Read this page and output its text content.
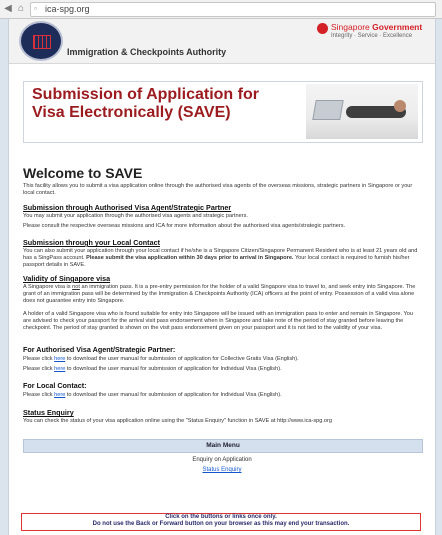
◀ ⌂	▫ ica-spg.org
Immigration & Checkpoints Authority
Singapore Government
Integrity · Service · Excellence
Submission of Application for Visa Electronically (SAVE)
Welcome to SAVE
This facility allows you to submit a visa application online through the authorised visa agents of the overseas missions, strategic partners in Singapore or your local contact.
Submission through Authorised Visa Agent/Strategic Partner
You may submit your application through the authorised visa agents and strategic partners.
Please consult the respective overseas missions and ICA for more information about the authorised visa agents/strategic partners.
Submission through your Local Contact
You can also submit your application through your local contact if he/she is a Singapore Citizen/Singapore Permanent Resident who is at least 21 years old and has a SingPass account. Please submit the visa application within 30 days prior to arrival in Singapore. Your local contact is required to furnish his/her passport details in SAVE.
Validity of Singapore visa
A Singapore visa is not an immigration pass. It is a pre-entry permission for the holder of a valid Singapore visa to travel to, and seek entry into Singapore. The grant of an immigration pass will be determined by the Immigration & Checkpoints Authority (ICA) officers at the point of entry. Possession of a valid visa alone does not guarantee entry into Singapore.
A holder of a valid Singapore visa who is found suitable for entry into Singapore will be issued with an immigration pass to enter and remain in Singapore. You are advised to check your passport for the arrival visit pass endorsement when in Singapore and take note of the period of stay granted before leaving the checkpoint. The period of stay granted is shown on the visit pass endorsement given on your passport and it is not tied to the validity of your visa.
For Authorised Visa Agent/Strategic Partner:
Please click here to download the user manual for submission of application for Collective Gratis Visa (English).
Please click here to download the user manual for submission of application for Individual Visa (English).
For Local Contact:
Please click here to download the user manual for submission of application for Individual Visa (English).
Status Enquiry
You can check the status of your visa application online using the "Status Enquiry" function in SAVE at http://www.ica-spg.org
Main Menu
Enquiry on Application
Status Enquiry
Click on the buttons or links once only.
Do not use the Back or Forward button on your browser as this may end your transaction.
